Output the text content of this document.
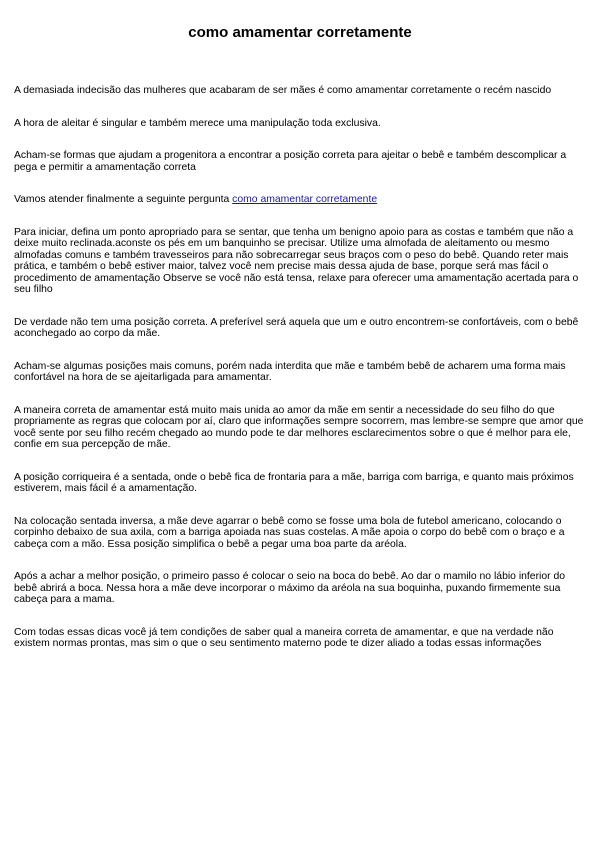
como amamentar corretamente

A demasiada indecisão das mulheres que acabaram de ser mães é como amamentar corretamente o recém nascido

A hora de aleitar é singular e também merece uma manipulação toda exclusiva.

Acham-se formas que ajudam a progenitora a encontrar a posição correta para ajeitar o bebê e também descomplicar a pega e permitir a amamentação correta

Vamos atender finalmente a seguinte pergunta como amamentar corretamente

Para iniciar, defina um ponto apropriado para se sentar, que tenha um benigno apoio para as costas e também que não a deixe muito reclinada.aconste os pés em um banquinho se precisar. Utilize uma almofada de aleitamento ou mesmo almofadas comuns e também travesseiros para não sobrecarregar seus braços com o peso do bebê. Quando reter mais prática, e também o bebê estiver maior, talvez você nem precise mais dessa ajuda de base, porque será mas fácil o procedimento de amamentação Observe se você não está tensa, relaxe para oferecer uma amamentação acertada para o seu filho

De verdade não tem uma posição correta. A preferível será aquela que um e outro encontrem-se confortáveis, com o bebê aconchegado ao corpo da mãe.

Acham-se algumas posições mais comuns, porém nada interdita que mãe e também bebê de acharem uma forma mais confortável na hora de se ajeitarligada para amamentar.

A maneira correta de amamentar está muito mais unida ao amor da mãe em sentir a necessidade do seu filho do que propriamente as regras que colocam por aí, claro que informações sempre socorrem, mas lembre-se sempre que amor que você sente por seu filho recém chegado ao mundo pode te dar melhores esclarecimentos sobre o que é melhor para ele, confie em sua percepção de mãe.

A posição corriqueira é a sentada, onde o bebê fica de frontaria para a mãe, barriga com barriga, e quanto mais próximos estiverem, mais fácil é a amamentação.

Na colocação sentada inversa, a mãe deve agarrar o bebê como se fosse uma bola de futebol americano, colocando o corpinho debaixo de sua axila, com a barriga apoiada nas suas costelas. A mãe apoia o corpo do bebê com o braço e a cabeça com a mão. Essa posição simplifica o bebê a pegar uma boa parte da aréola.

Após a achar a melhor posição, o primeiro passo é colocar o seio na boca do bebê. Ao dar o mamilo no lábio inferior do bebê abrirá a boca. Nessa hora a mãe deve incorporar o máximo da aréola na sua boquinha, puxando firmemente sua cabeça para a mama.

Com todas essas dicas você já tem condições de saber qual a maneira correta de amamentar, e que na verdade não existem normas prontas, mas sim o que o seu sentimento materno pode te dizer aliado a todas essas informações
